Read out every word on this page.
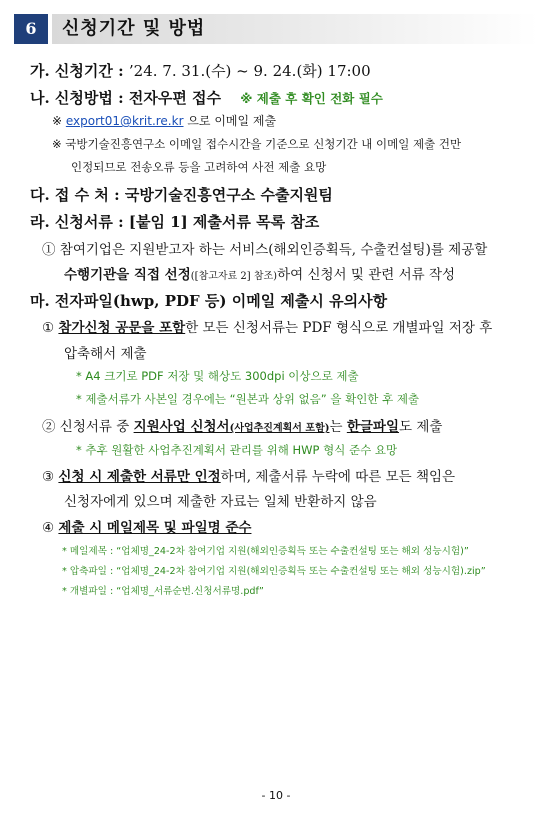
6	신청기간 및 방법
가. 신청기간 : ’24. 7. 31.(수) ~ 9. 24.(화) 17:00
나. 신청방법 : 전자우편 접수 ※ 제출 후 확인 전화 필수
※ export01@krit.re.kr 으로 이메일 제출
※ 국방기술진흥연구소 이메일 접수시간을 기준으로 신청기간 내 이메일 제출 건만
인정되므로 전송오류 등을 고려하여 사전 제출 요망
다. 접 수 처 : 국방기술진흥연구소 수출지원팀
라. 신청서류 : [붙임 1] 제출서류 목록 참조
① 참여기업은 지원받고자 하는 서비스(해외인증획득, 수출컨설팅)를 제공할
수행기관을 직접 선정([참고자료 2] 참조)하여 신청서 및 관련 서류 작성
마. 전자파일(hwp, PDF 등) 이메일 제출시 유의사항
① 참가신청 공문을 포함한 모든 신청서류는 PDF 형식으로 개별파일 저장 후
압축해서 제출
* A4 크기로 PDF 저장 및 해상도 300dpi 이상으로 제출
* 제출서류가 사본일 경우에는 “원본과 상위 없음” 을 확인한 후 제출
② 신청서류 중 지원사업 신청서(사업추진계획서 포함)는 한글파일도 제출
* 추후 원활한 사업추진계획서 관리를 위해 HWP 형식 준수 요망
③ 신청 시 제출한 서류만 인정하며, 제출서류 누락에 따른 모든 책임은
신청자에게 있으며 제출한 자료는 일체 반환하지 않음
④ 제출 시 메일제목 및 파일명 준수
* 메일제목 : “업체명_24-2차 참여기업 지원(해외인증획득 또는 수출컨설팅 또는 해외 성능시험)”
* 압축파일 : “업체명_24-2차 참여기업 지원(해외인증획득 또는 수출컨설팅 또는 해외 성능시험).zip”
* 개별파일 : “업체명_서류순번.신청서류명.pdf”
- 10 -
